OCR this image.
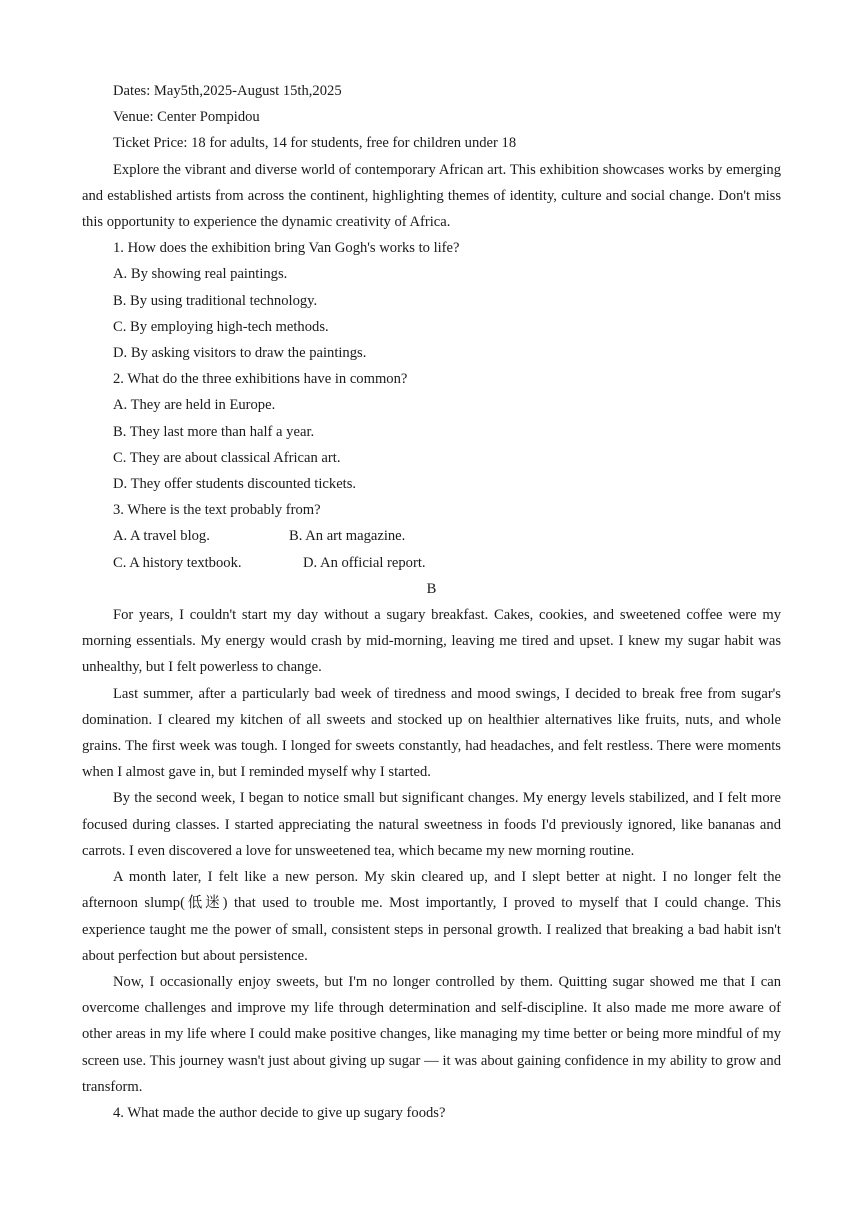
Dates: May5th,2025-August 15th,2025

Venue: Center Pompidou

Ticket Price: 18 for adults, 14 for students, free for children under 18

Explore the vibrant and diverse world of contemporary African art. This exhibition showcases works by emerging and established artists from across the continent, highlighting themes of identity, culture and social change. Don't miss this opportunity to experience the dynamic creativity of Africa.

1. How does the exhibition bring Van Gogh's works to life?

A. By showing real paintings.

B. By using traditional technology.

C. By employing high-tech methods.

D. By asking visitors to draw the paintings.

2. What do the three exhibitions have in common?

A. They are held in Europe.

B. They last more than half a year.

C. They are about classical African art.

D. They offer students discounted tickets.

3. Where is the text probably from?

A. A travel blog.	B. An art magazine.
C. A history textbook.	D. An official report.

B

For years, I couldn't start my day without a sugary breakfast. Cakes, cookies, and sweetened coffee were my morning essentials. My energy would crash by mid-morning, leaving me tired and upset. I knew my sugar habit was unhealthy, but I felt powerless to change.

Last summer, after a particularly bad week of tiredness and mood swings, I decided to break free from sugar's domination. I cleared my kitchen of all sweets and stocked up on healthier alternatives like fruits, nuts, and whole grains. The first week was tough. I longed for sweets constantly, had headaches, and felt restless. There were moments when I almost gave in, but I reminded myself why I started.

By the second week, I began to notice small but significant changes. My energy levels stabilized, and I felt more focused during classes. I started appreciating the natural sweetness in foods I'd previously ignored, like bananas and carrots. I even discovered a love for unsweetened tea, which became my new morning routine.

A month later, I felt like a new person. My skin cleared up, and I slept better at night. I no longer felt the afternoon slump(低迷) that used to trouble me. Most importantly, I proved to myself that I could change. This experience taught me the power of small, consistent steps in personal growth. I realized that breaking a bad habit isn't about perfection but about persistence.

Now, I occasionally enjoy sweets, but I'm no longer controlled by them. Quitting sugar showed me that I can overcome challenges and improve my life through determination and self-discipline. It also made me more aware of other areas in my life where I could make positive changes, like managing my time better or being more mindful of my screen use. This journey wasn't just about giving up sugar — it was about gaining confidence in my ability to grow and transform.

4. What made the author decide to give up sugary foods?
